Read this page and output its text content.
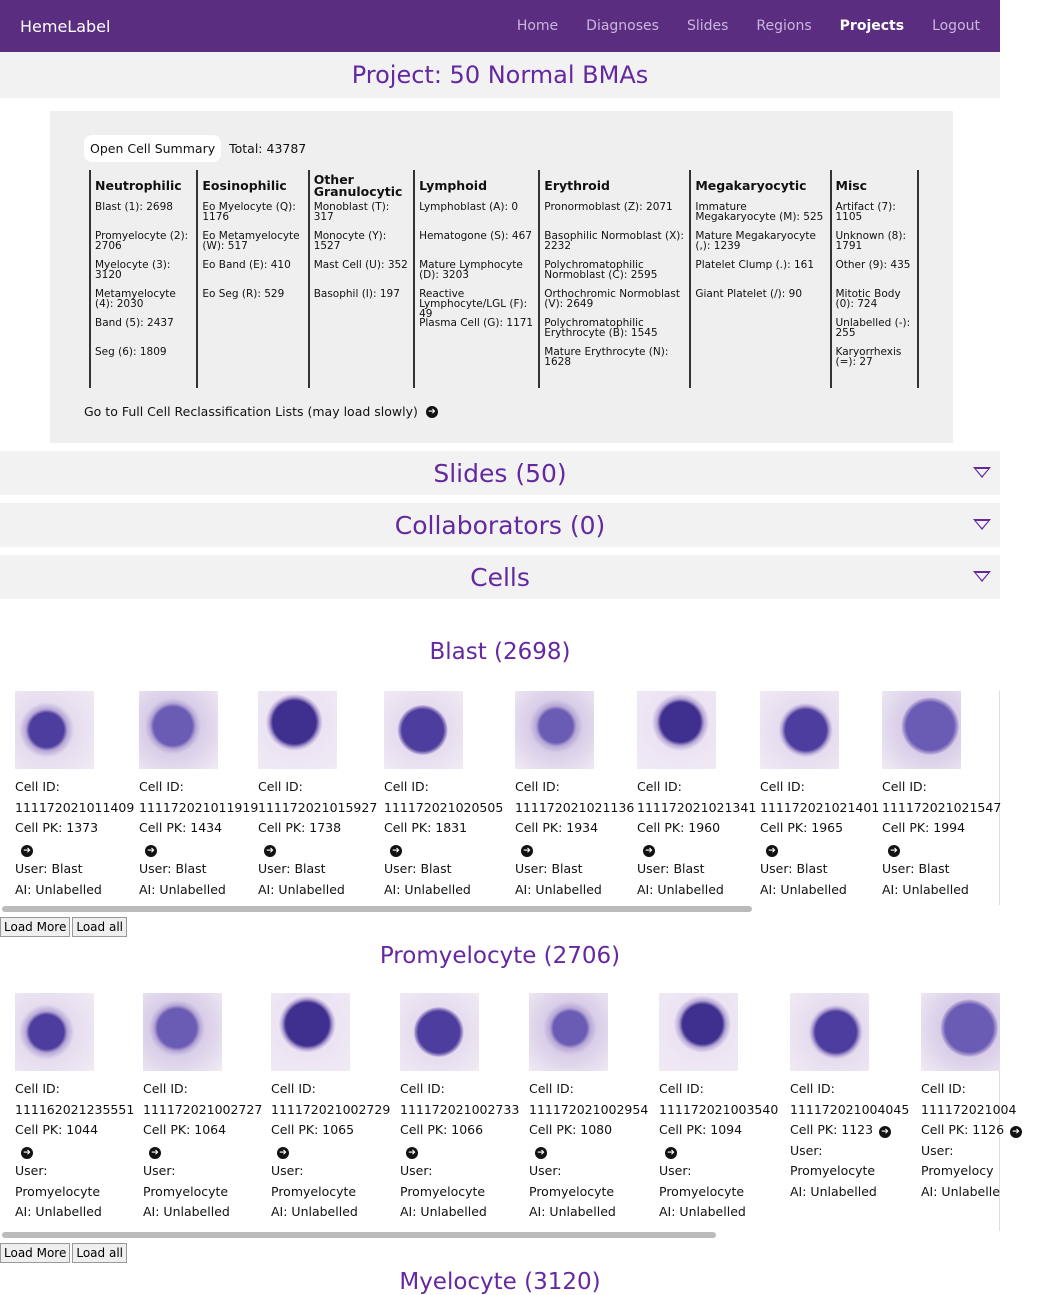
HemeLabel	Home Diagnoses Slides Regions Projects Logout
Project: 50 Normal BMAs
Open Cell Summary	Total: 43787
Neutrophilic
Blast (1): 2698
Promyelocyte (2): 2706
Myelocyte (3): 3120
Metamyelocyte (4): 2030
Band (5): 2437
Seg (6): 1809
Eosinophilic
Eo Myelocyte (Q): 1176
Eo Metamyelocyte (W): 517
Eo Band (E): 410
Eo Seg (R): 529
Other Granulocytic
Monoblast (T): 317
Monocyte (Y): 1527
Mast Cell (U): 352
Basophil (I): 197
Lymphoid
Lymphoblast (A): 0
Hematogone (S): 467
Mature Lymphocyte (D): 3203
Reactive Lymphocyte/LGL (F): 49
Plasma Cell (G): 1171
Erythroid
Pronormoblast (Z): 2071
Basophilic Normoblast (X): 2232
Polychromatophilic Normoblast (C): 2595
Orthochromic Normoblast (V): 2649
Polychromatophilic Erythrocyte (B): 1545
Mature Erythrocyte (N): 1628
Megakaryocytic
Immature Megakaryocyte (M): 525
Mature Megakaryocyte (,): 1239
Platelet Clump (.): 161
Giant Platelet (/): 90
Misc
Artifact (7): 1105
Unknown (8): 1791
Other (9): 435
Mitotic Body (0): 724
Unlabelled (-): 255
Karyorrhexis (=): 27
Go to Full Cell Reclassification Lists (may load slowly) ➔
Slides (50)
Collaborators (0)
Cells
Blast (2698)
Cell ID:
111172021011409
Cell PK: 1373
➔
User: Blast
AI: Unlabelled
Cell ID:
111172021011919
Cell PK: 1434
➔
User: Blast
AI: Unlabelled
Cell ID:
111172021015927
Cell PK: 1738
➔
User: Blast
AI: Unlabelled
Cell ID:
111172021020505
Cell PK: 1831
➔
User: Blast
AI: Unlabelled
Cell ID:
111172021021136
Cell PK: 1934
➔
User: Blast
AI: Unlabelled
Cell ID:
111172021021341
Cell PK: 1960
➔
User: Blast
AI: Unlabelled
Cell ID:
111172021021401
Cell PK: 1965
➔
User: Blast
AI: Unlabelled
Cell ID:
111172021021547
Cell PK: 1994
➔
User: Blast
AI: Unlabelled
Load More Load all
Promyelocyte (2706)
Cell ID:
111162021235551
Cell PK: 1044
➔
User:
Promyelocyte
AI: Unlabelled
Cell ID:
111172021002727
Cell PK: 1064
➔
User:
Promyelocyte
AI: Unlabelled
Cell ID:
111172021002729
Cell PK: 1065
➔
User:
Promyelocyte
AI: Unlabelled
Cell ID:
111172021002733
Cell PK: 1066
➔
User:
Promyelocyte
AI: Unlabelled
Cell ID:
111172021002954
Cell PK: 1080
➔
User:
Promyelocyte
AI: Unlabelled
Cell ID:
111172021003540
Cell PK: 1094
➔
User:
Promyelocyte
AI: Unlabelled
Cell ID:
111172021004045
Cell PK: 1123 ➔
User:
Promyelocyte
AI: Unlabelled
Cell ID:
111172021004
Cell PK: 1126 ➔
User:
Promyelocy
AI: Unlabelle
Load More Load all
Myelocyte (3120)
